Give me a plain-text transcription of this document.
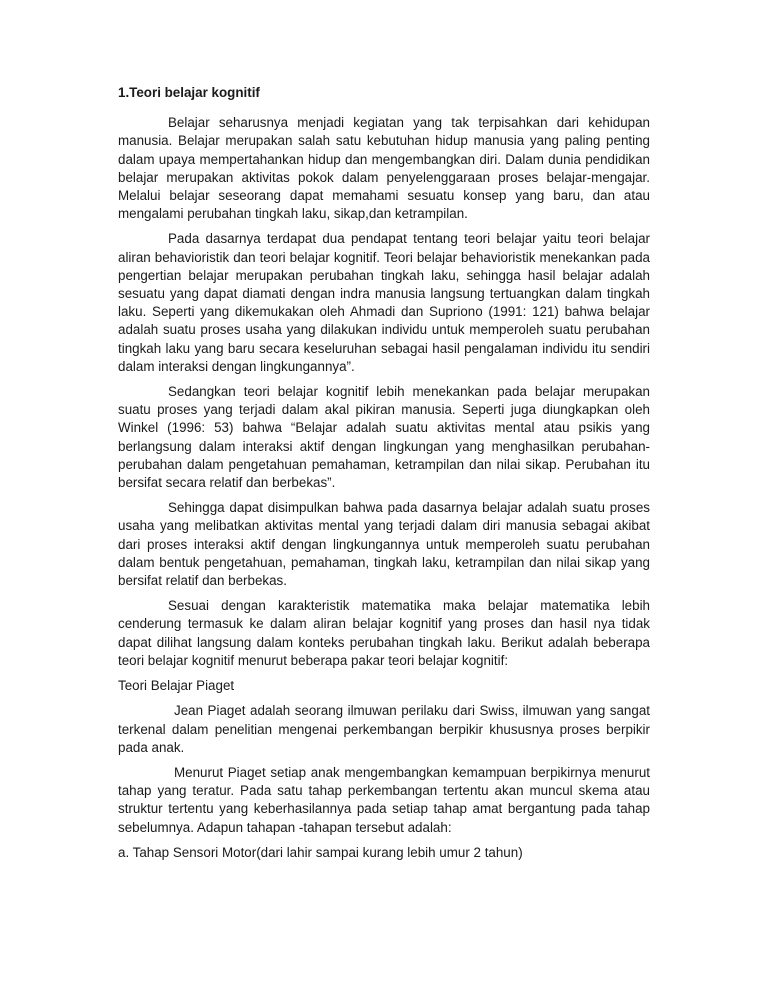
1.Teori belajar kognitif

Belajar seharusnya menjadi kegiatan yang tak terpisahkan dari kehidupan manusia. Belajar merupakan salah satu kebutuhan hidup manusia yang paling penting dalam upaya mempertahankan hidup dan mengembangkan diri. Dalam dunia pendidikan belajar merupakan aktivitas pokok dalam penyelenggaraan proses belajar-mengajar. Melalui belajar seseorang dapat memahami sesuatu konsep yang baru, dan atau mengalami perubahan tingkah laku, sikap,dan ketrampilan.

Pada dasarnya terdapat dua pendapat tentang teori belajar yaitu teori belajar aliran behavioristik dan teori belajar kognitif. Teori belajar behavioristik menekankan pada pengertian belajar merupakan perubahan tingkah laku, sehingga hasil belajar adalah sesuatu yang dapat diamati dengan indra manusia langsung tertuangkan dalam tingkah laku. Seperti yang dikemukakan oleh Ahmadi dan Supriono (1991: 121) bahwa belajar adalah suatu proses usaha yang dilakukan individu untuk memperoleh suatu perubahan tingkah laku yang baru secara keseluruhan sebagai hasil pengalaman individu itu sendiri dalam interaksi dengan lingkungannya”.

Sedangkan teori belajar kognitif lebih menekankan pada belajar merupakan suatu proses yang terjadi dalam akal pikiran manusia. Seperti juga diungkapkan oleh Winkel (1996: 53) bahwa “Belajar adalah suatu aktivitas mental atau psikis yang berlangsung dalam interaksi aktif dengan lingkungan yang menghasilkan perubahan-perubahan dalam pengetahuan pemahaman, ketrampilan dan nilai sikap. Perubahan itu bersifat secara relatif dan berbekas”.

Sehingga dapat disimpulkan bahwa pada dasarnya belajar adalah suatu proses usaha yang melibatkan aktivitas mental yang terjadi dalam diri manusia sebagai akibat dari proses interaksi aktif dengan lingkungannya untuk memperoleh suatu perubahan dalam bentuk pengetahuan, pemahaman, tingkah laku, ketrampilan dan nilai sikap yang bersifat relatif dan berbekas.

Sesuai dengan karakteristik matematika maka belajar matematika lebih cenderung termasuk ke dalam aliran belajar kognitif yang proses dan hasil nya tidak dapat dilihat langsung dalam konteks perubahan tingkah laku. Berikut adalah beberapa teori belajar kognitif menurut beberapa pakar teori belajar kognitif:

Teori Belajar Piaget

Jean Piaget adalah seorang ilmuwan perilaku dari Swiss, ilmuwan yang sangat terkenal dalam penelitian mengenai perkembangan berpikir khususnya proses berpikir pada anak.

Menurut Piaget setiap anak mengembangkan kemampuan berpikirnya menurut tahap yang teratur. Pada satu tahap perkembangan tertentu akan muncul skema atau struktur tertentu yang keberhasilannya pada setiap tahap amat bergantung pada tahap sebelumnya. Adapun tahapan -tahapan tersebut adalah:

a. Tahap Sensori Motor(dari lahir sampai kurang lebih umur 2 tahun)
